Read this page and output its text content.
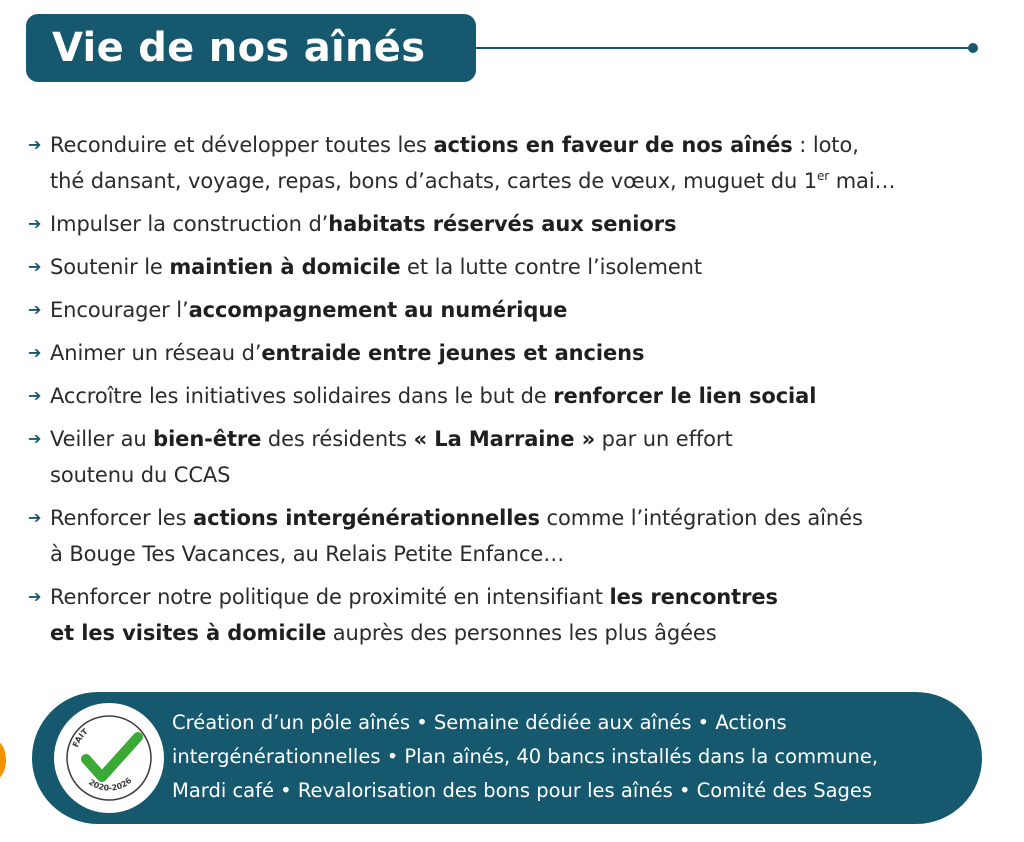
Vie de nos aînés
➔ Reconduire et développer toutes les actions en faveur de nos aînés : loto,
thé dansant, voyage, repas, bons d’achats, cartes de vœux, muguet du 1er mai…
➔ Impulser la construction d’habitats réservés aux seniors
➔ Soutenir le maintien à domicile et la lutte contre l’isolement
➔ Encourager l’accompagnement au numérique
➔ Animer un réseau d’entraide entre jeunes et anciens
➔ Accroître les initiatives solidaires dans le but de renforcer le lien social
➔ Veiller au bien-être des résidents « La Marraine » par un effort
soutenu du CCAS
➔ Renforcer les actions intergénérationnelles comme l’intégration des aînés
à Bouge Tes Vacances, au Relais Petite Enfance…
➔ Renforcer notre politique de proximité en intensifiant les rencontres
et les visites à domicile auprès des personnes les plus âgées
FAIT
2020-2026
Création d’un pôle aînés • Semaine dédiée aux aînés • Actions
intergénérationnelles • Plan aînés, 40 bancs installés dans la commune,
Mardi café • Revalorisation des bons pour les aînés • Comité des Sages
